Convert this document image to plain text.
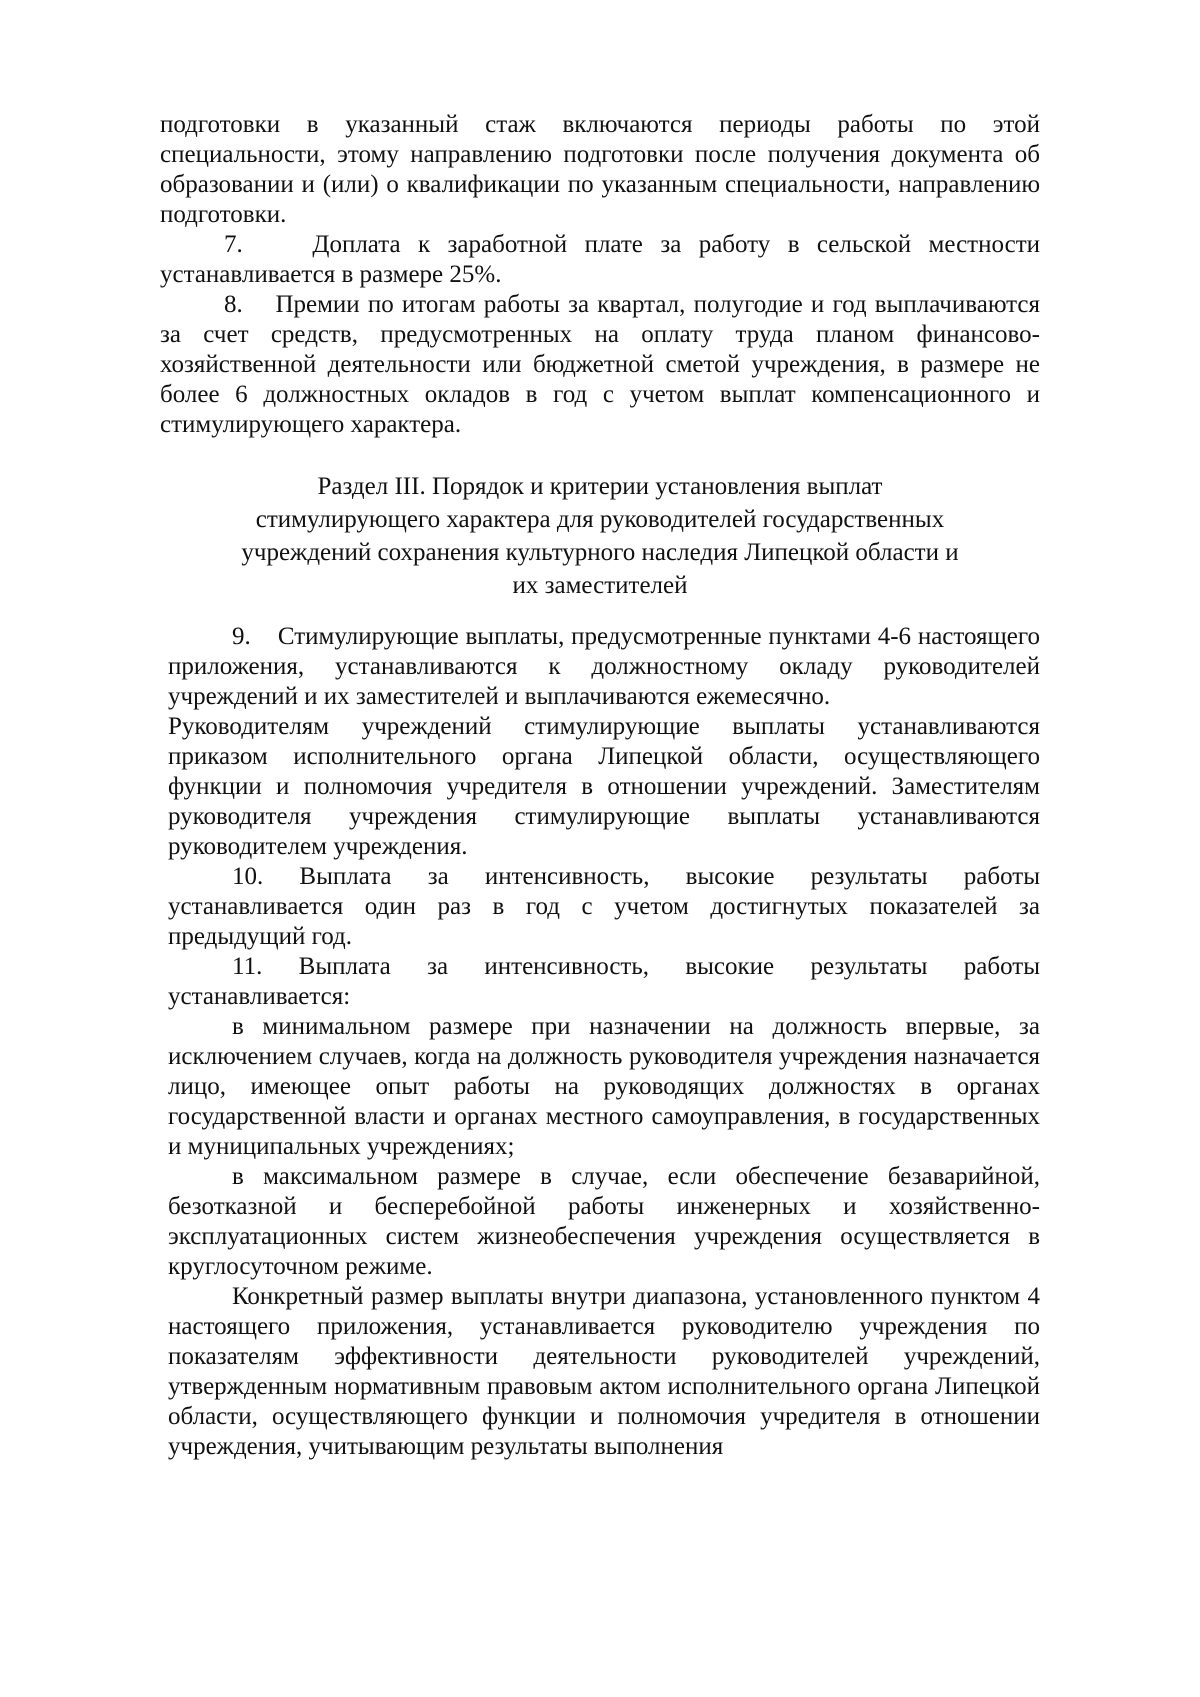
подготовки в указанный стаж включаются периоды работы по этой специальности, этому направлению подготовки после получения документа об образовании и (или) о квалификации по указанным специальности, направлению подготовки.

7.    Доплата к заработной плате за работу в сельской местности устанавливается в размере 25%.

8.    Премии по итогам работы за квартал, полугодие и год выплачиваются за счет средств, предусмотренных на оплату труда планом финансово-хозяйственной деятельности или бюджетной сметой учреждения, в размере не более 6 должностных окладов в год с учетом выплат компенсационного и стимулирующего характера.

Раздел III. Порядок и критерии установления выплат
стимулирующего характера для руководителей государственных
учреждений сохранения культурного наследия Липецкой области и
их заместителей

9.    Стимулирующие выплаты, предусмотренные пунктами 4-6 настоящего приложения, устанавливаются к должностному окладу руководителей учреждений и их заместителей и выплачиваются ежемесячно.

Руководителям учреждений стимулирующие выплаты устанавливаются приказом исполнительного органа Липецкой области, осуществляющего функции и полномочия учредителя в отношении учреждений. Заместителям руководителя учреждения стимулирующие выплаты устанавливаются руководителем учреждения.

10. Выплата за интенсивность, высокие результаты работы устанавливается один раз в год с учетом достигнутых показателей за предыдущий год.

11. Выплата за интенсивность, высокие результаты работы устанавливается:

в минимальном размере при назначении на должность впервые, за исключением случаев, когда на должность руководителя учреждения назначается лицо, имеющее опыт работы на руководящих должностях в органах государственной власти и органах местного самоуправления, в государственных и муниципальных учреждениях;

в максимальном размере в случае, если обеспечение безаварийной, безотказной и бесперебойной работы инженерных и хозяйственно-эксплуатационных систем жизнеобеспечения учреждения осуществляется в круглосуточном режиме.

Конкретный размер выплаты внутри диапазона, установленного пунктом 4 настоящего приложения, устанавливается руководителю учреждения по показателям эффективности деятельности руководителей учреждений, утвержденным нормативным правовым актом исполнительного органа Липецкой области, осуществляющего функции и полномочия учредителя в отношении учреждения, учитывающим результаты выполнения
